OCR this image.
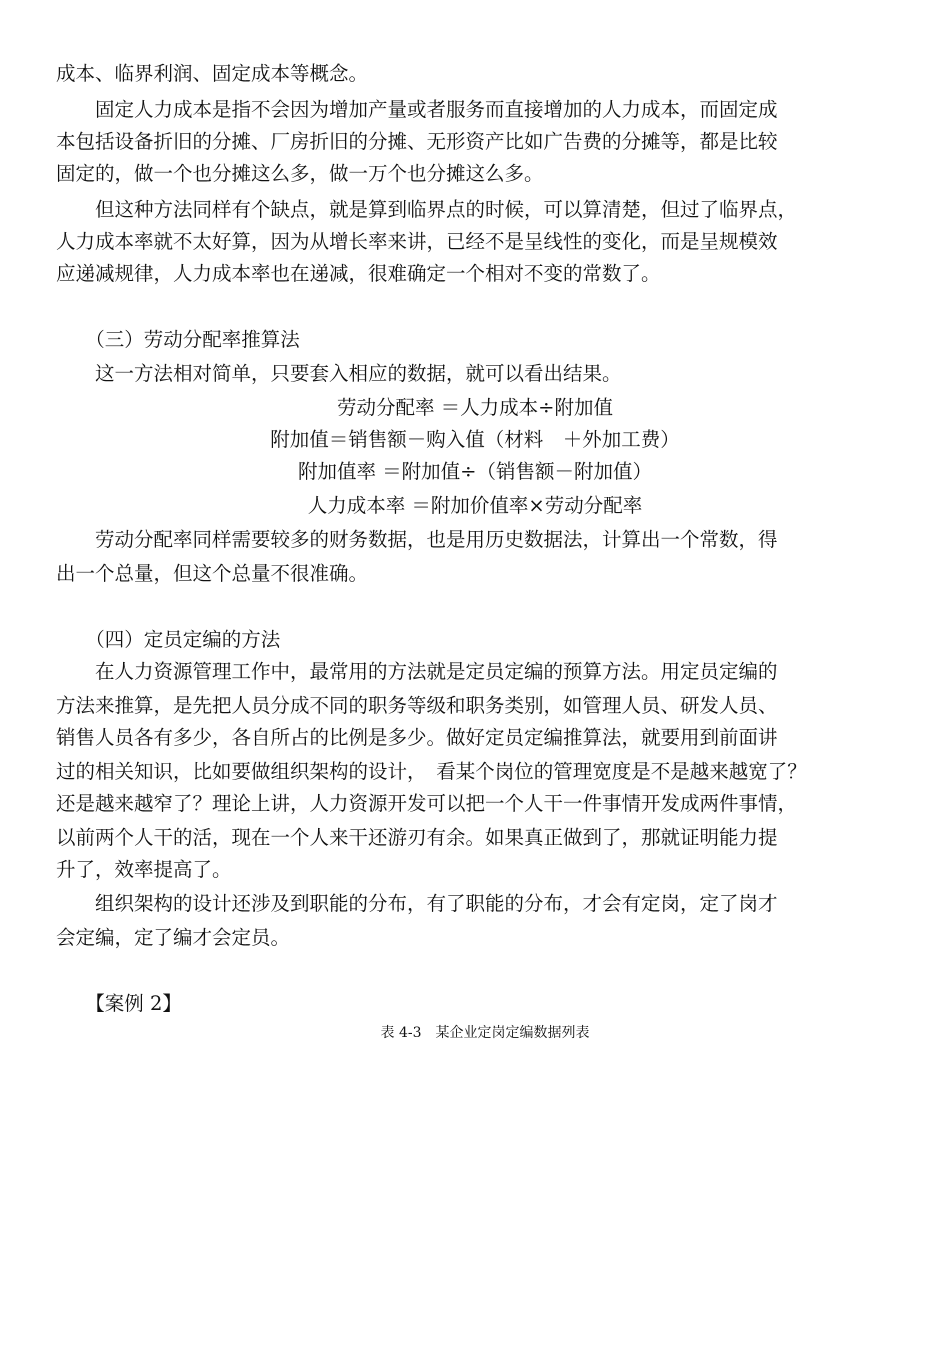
成本、临界利润、固定成本等概念。
　　固定人力成本是指不会因为增加产量或者服务而直接增加的人力成本，而固定成
本包括设备折旧的分摊、厂房折旧的分摊、无形资产比如广告费的分摊等，都是比较
固定的，做一个也分摊这么多，做一万个也分摊这么多。
　　但这种方法同样有个缺点，就是算到临界点的时候，可以算清楚，但过了临界点，
人力成本率就不太好算，因为从增长率来讲，已经不是呈线性的变化，而是呈规模效
应递减规律，人力成本率也在递减，很难确定一个相对不变的常数了。
　　（三）劳动分配率推算法
　　这一方法相对简单，只要套入相应的数据，就可以看出结果。
劳动分配率 ＝人力成本÷附加值
附加值＝销售额－购入值（材料　＋外加工费）
附加值率 ＝附加值÷（销售额－附加值）
人力成本率 ＝附加价值率×劳动分配率
　　劳动分配率同样需要较多的财务数据，也是用历史数据法，计算出一个常数，得
出一个总量，但这个总量不很准确。
　　（四）定员定编的方法
　　在人力资源管理工作中，最常用的方法就是定员定编的预算方法。用定员定编的
方法来推算，是先把人员分成不同的职务等级和职务类别，如管理人员、研发人员、
销售人员各有多少，各自所占的比例是多少。做好定员定编推算法，就要用到前面讲
过的相关知识，比如要做组织架构的设计，　看某个岗位的管理宽度是不是越来越宽了？
还是越来越窄了？理论上讲，人力资源开发可以把一个人干一件事情开发成两件事情，
以前两个人干的活，现在一个人来干还游刃有余。如果真正做到了，那就证明能力提
升了，效率提高了。
　　组织架构的设计还涉及到职能的分布，有了职能的分布，才会有定岗，定了岗才
会定编，定了编才会定员。
　　【案例 2】
表 4-3　某企业定岗定编数据列表
